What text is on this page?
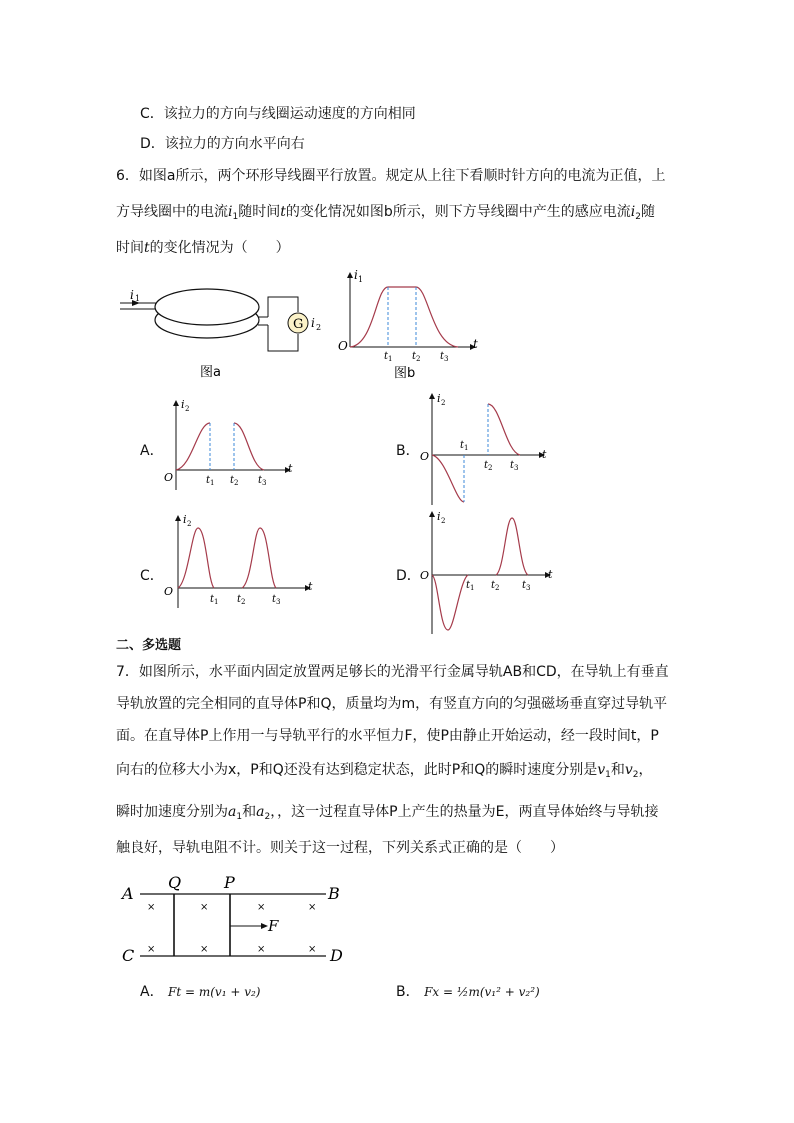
C．该拉力的方向与线圈运动速度的方向相同
D．该拉力的方向水平向右
6．如图a所示，两个环形导线圈平行放置。规定从上往下看顺时针方向的电流为正值，上
方导线圈中的电流$i_1$随时间t的变化情况如图b所示，则下方导线圈中产生的感应电流$i_2$随
时间t的变化情况为（　　）
i 1
G i 2
图a
i 1
O	t
t 1 t 2 t 3
图b
A．
i 2
O
t
t 1 t 2 t 3
B．
i 2
O	t
t 1
t 2 t 3
C．
i 2
O	t
t 1 t 2	t 3
D．
i 2
O	t
t 1 t 2 t 3
二、多选题
7．如图所示，水平面内固定放置两足够长的光滑平行金属导轨AB和CD，在导轨上有垂直
导轨放置的完全相同的直导体P和Q，质量均为m，有竖直方向的匀强磁场垂直穿过导轨平
面。在直导体P上作用一与导轨平行的水平恒力F，使P由静止开始运动，经一段时间t，P
向右的位移大小为x，P和Q还没有达到稳定状态，此时P和Q的瞬时速度分别是$v_1$和$v_2$，
瞬时加速度分别为$a_1$和$a_2$，，这一过程直导体P上产生的热量为E，两直导体始终与导轨接
触良好，导轨电阻不计。则关于这一过程，下列关系式正确的是（　　）
A	B
C	D
Q	P
F
×	×	×	×
×	×	×	×
A． Ft = m(v₁ + v₂)	B． Fx = ½m(v₁² + v₂²)
